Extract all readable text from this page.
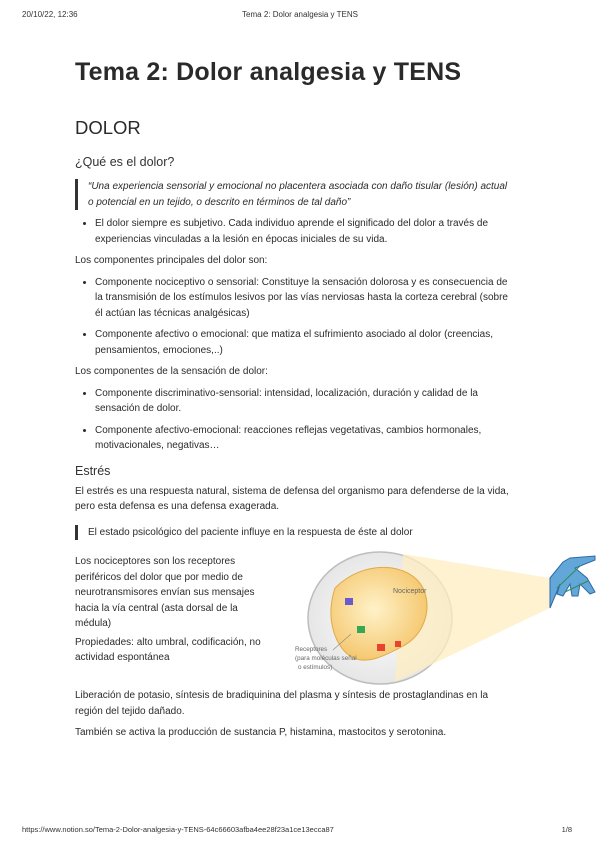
20/10/22, 12:36	Tema 2: Dolor analgesia y TENS
Tema 2: Dolor analgesia y TENS
DOLOR
¿Qué es el dolor?
“Una experiencia sensorial y emocional no placentera asociada con daño tisular (lesión) actual o potencial en un tejido, o descrito en términos de tal daño”
• El dolor siempre es subjetivo. Cada individuo aprende el significado del dolor a través de experiencias vinculadas a la lesión en épocas iniciales de su vida.

Los componentes principales del dolor son:

• Componente nociceptivo o sensorial: Constituye la sensación dolorosa y es consecuencia de la transmisión de los estímulos lesivos por las vías nerviosas hasta la corteza cerebral (sobre él actúan las técnicas analgésicas)
• Componente afectivo o emocional: que matiza el sufrimiento asociado al dolor (creencias, pensamientos, emociones,..)

Los componentes de la sensación de dolor:

• Componente discriminativo-sensorial: intensidad, localización, duración y calidad de la sensación de dolor.
• Componente afectivo-emocional: reacciones reflejas vegetativas, cambios hormonales, motivacionales, negativas…
Estrés

El estrés es una respuesta natural, sistema de defensa del organismo para defenderse de la vida, pero esta defensa es una defensa exagerada.

El estado psicológico del paciente influye en la respuesta de éste al dolor

Los nociceptores son los receptores periféricos del dolor que por medio de neurotransmisores envían sus mensajes hacia la vía central (asta dorsal de la médula)

Propiedades: alto umbral, codificación, no actividad espontánea

Nociceptor
Receptores
(para moléculas señal
o estímulos)

Liberación de potasio, síntesis de bradiquinina del plasma y síntesis de prostaglandinas en la región del tejido dañado.

También se activa la producción de sustancia P, histamina, mastocitos y serotonina.

https://www.notion.so/Tema-2-Dolor-analgesia-y-TENS-64c66603afba4ee28f23a1ce13ecca87	1/8
